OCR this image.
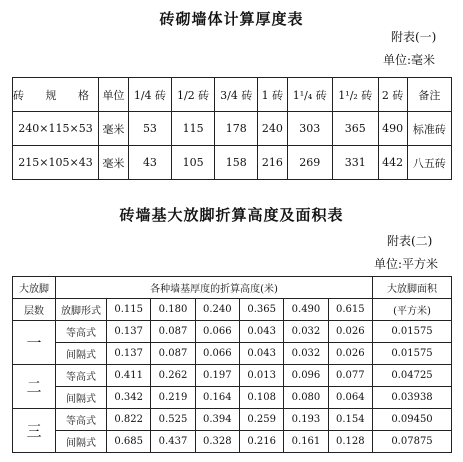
砖砌墙体计算厚度表
附表(一)
单位:毫米
砖 规 格	单位	1/4 砖	1/2 砖	3/4 砖	1 砖	1¹/₄ 砖	1¹/₂ 砖	2 砖	备注
240×115×53	毫米	53	115	178	240	303	365	490	标准砖
215×105×43	毫米	43	105	158	216	269	331	442	八五砖
砖墙基大放脚折算高度及面积表
附表(二)
单位:平方米
大放脚	各种墙基厚度的折算高度(米)							大放脚面积
层数	放脚形式	0.115	0.180	0.240	0.365	0.490	0.615	(平方米)
一	等高式	0.137	0.087	0.066	0.043	0.032	0.026	0.01575
	间隔式	0.137	0.087	0.066	0.043	0.032	0.026	0.01575
二	等高式	0.411	0.262	0.197	0.013	0.096	0.077	0.04725
	间隔式	0.342	0.219	0.164	0.108	0.080	0.064	0.03938
三	等高式	0.822	0.525	0.394	0.259	0.193	0.154	0.09450
	间隔式	0.685	0.437	0.328	0.216	0.161	0.128	0.07875
